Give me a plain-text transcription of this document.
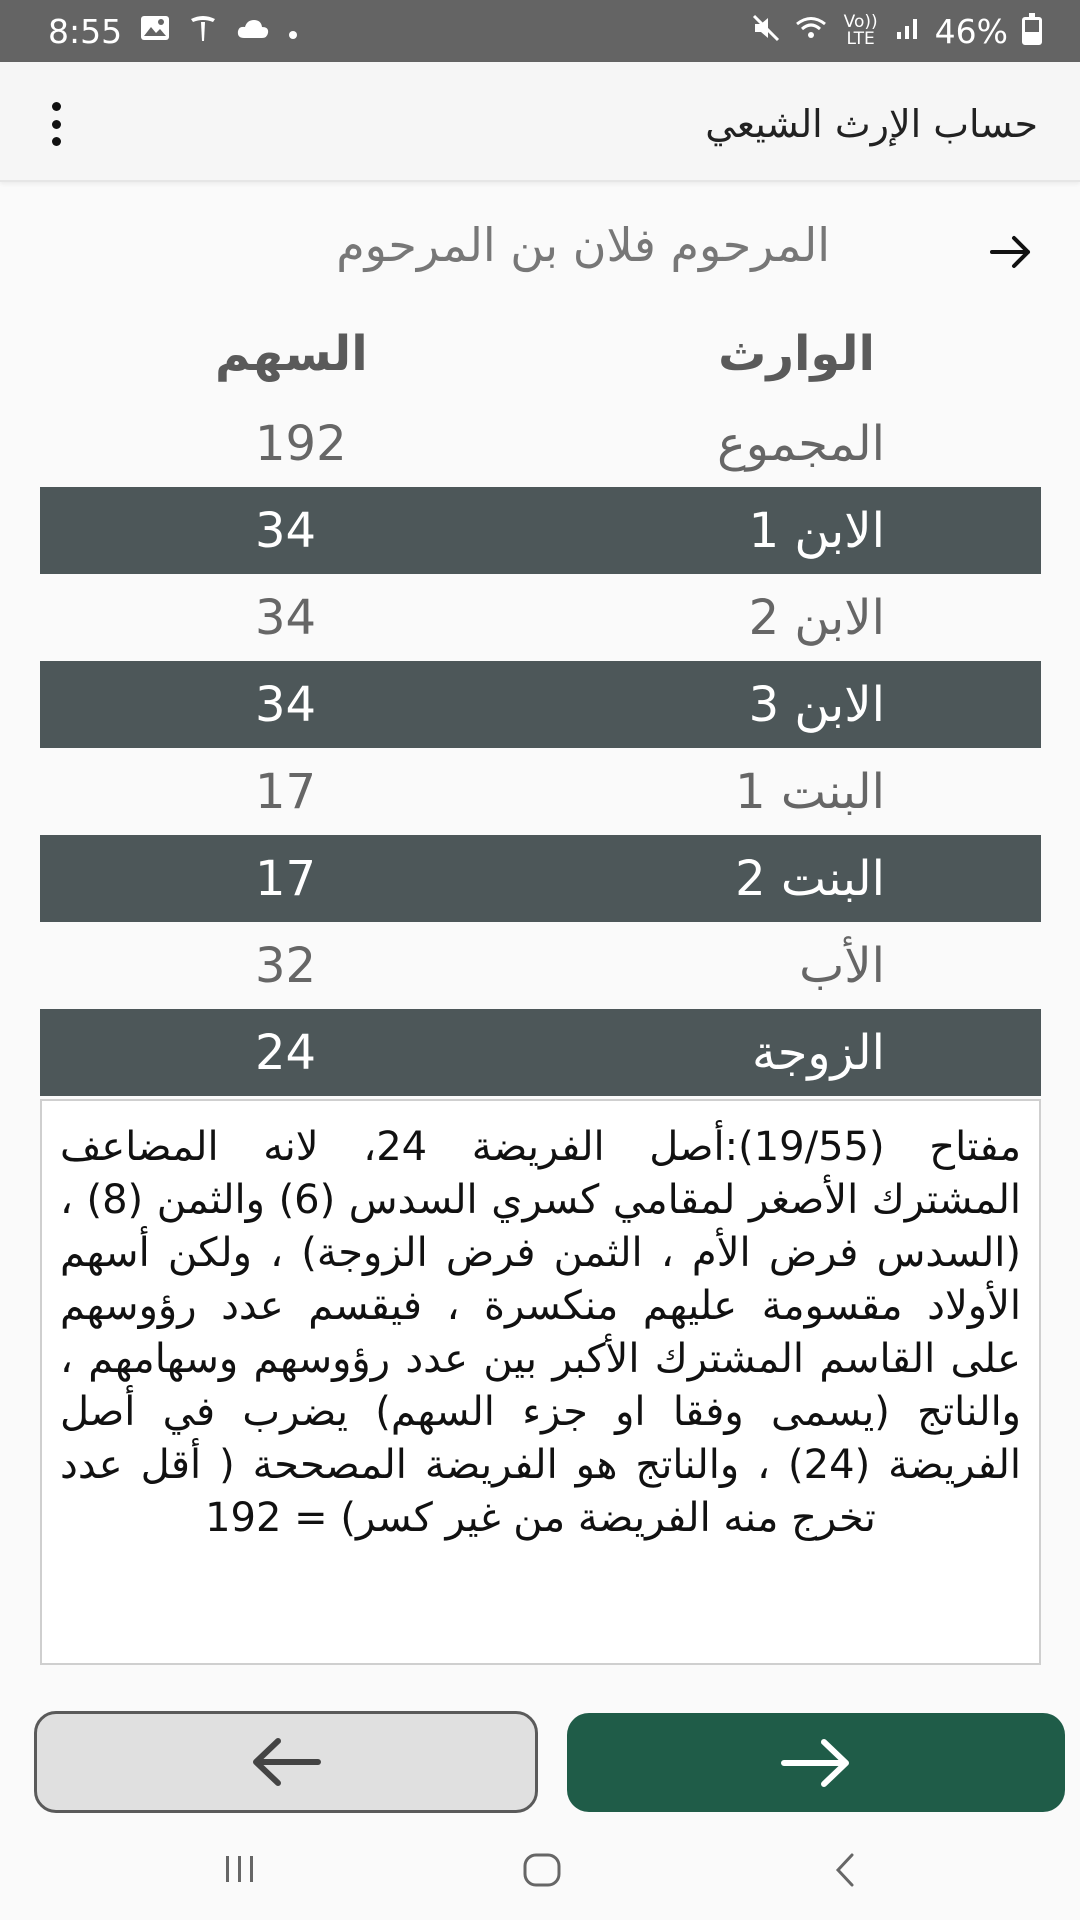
8:55	Vo)) LTE 46%
حساب الإرث الشيعي
المرحوم فلان بن المرحوم
الوارث
السهم
المجموع
192
الابن 1
34
الابن 2
34
الابن 3
34
البنت 1
17
البنت 2
17
الأب
32
الزوجة
24
مفتاح (19/55):أصل الفريضة 24، لانه المضاعف المشترك الأصغر لمقامي كسري السدس (6) والثمن (8) ، (السدس فرض الأم ، الثمن فرض الزوجة) ، ولكن أسهم الأولاد مقسومة عليهم منكسرة ، فيقسم عدد رؤوسهم على القاسم المشترك الأكبر بين عدد رؤوسهم وسهامهم ، والناتج (يسمى وفقا او جزء السهم) يضرب في أصل الفريضة (24) ، والناتج هو الفريضة المصححة ( أقل عدد تخرج منه الفريضة من غير كسر) = 192
